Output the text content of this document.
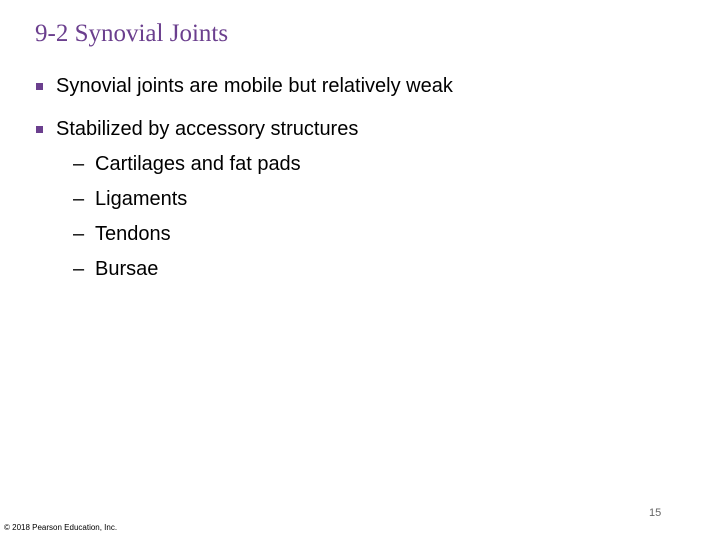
9-2 Synovial Joints
Synovial joints are mobile but relatively weak
Stabilized by accessory structures
– Cartilages and fat pads
– Ligaments
– Tendons
– Bursae
15
© 2018 Pearson Education, Inc.
